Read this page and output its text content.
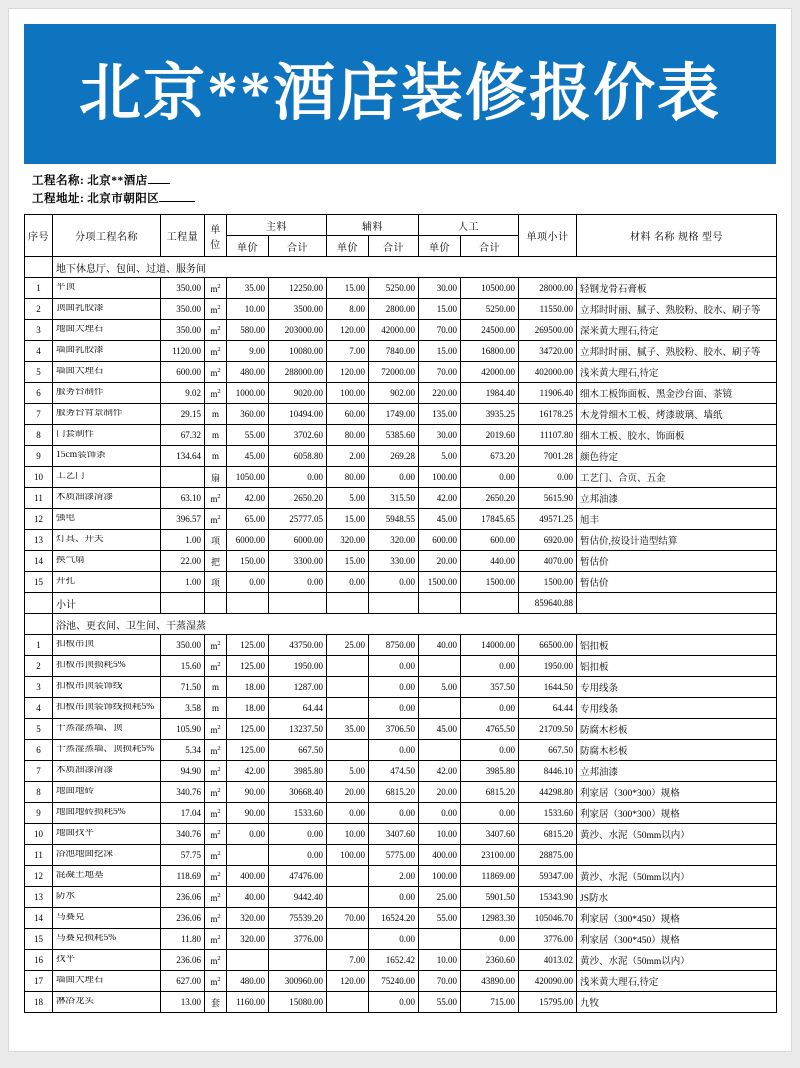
北京**酒店装修报价表
工程名称: 北京**酒店
工程地址: 北京市朝阳区
序号	分项工程名称	工程量	单位	主料		辅料		人工		单项小计	材料 名称 规格 型号
				单价	合计	单价	合计	单价	合计		
	地下休息厅、包间、过道、服务间										
1	平顶	350.00	$m^2$	35.00	12250.00	15.00	5250.00	30.00	10500.00	28000.00	轻钢龙骨石膏板
2	顶面乳胶漆	350.00	$m^2$	10.00	3500.00	8.00	2800.00	15.00	5250.00	11550.00	立邦时时丽、腻子、熟胶粉、胶水、刷子等
3	地面大理石	350.00	$m^2$	580.00	203000.00	120.00	42000.00	70.00	24500.00	269500.00	深米黄大理石,待定
4	墙面乳胶漆	1120.00	$m^2$	9.00	10080.00	7.00	7840.00	15.00	16800.00	34720.00	立邦时时丽、腻子、熟胶粉、胶水、刷子等
5	墙面大理石	600.00	$m^2$	480.00	288000.00	120.00	72000.00	70.00	42000.00	402000.00	浅米黄大理石,待定
6	服务台制作	9.02	$m^2$	1000.00	9020.00	100.00	902.00	220.00	1984.40	11906.40	细木工板饰面板、黑金沙台面、茶镜
7	服务台背景制作	29.15	m	360.00	10494.00	60.00	1749.00	135.00	3935.25	16178.25	木龙骨细木工板、烤漆玻璃、墙纸
8	门套制作	67.32	m	55.00	3702.60	80.00	5385.60	30.00	2019.60	11107.80	细木工板、胶水、饰面板
9	15cm装饰条	134.64	m	45.00	6058.80	2.00	269.28	5.00	673.20	7001.28	颜色待定
10	工艺门		扇	1050.00	0.00	80.00	0.00	100.00	0.00	0.00	工艺门、合页、五金
11	木质油漆清漆	63.10	$m^2$	42.00	2650.20	5.00	315.50	42.00	2650.20	5615.90	立邦油漆
12	强电	396.57	$m^2$	65.00	25777.05	15.00	5948.55	45.00	17845.65	49571.25	旭丰
13	灯具、开关	1.00	项	6000.00	6000.00	320.00	320.00	600.00	600.00	6920.00	暂估价,按设计造型结算
14	换气扇	22.00	把	150.00	3300.00	15.00	330.00	20.00	440.00	4070.00	暂估价
15	开孔	1.00	项	0.00	0.00	0.00	0.00	1500.00	1500.00	1500.00	暂估价
	小计									859640.88	
	浴池、更衣间、卫生间、干蒸湿蒸										
1	扣板吊顶	350.00	$m^2$	125.00	43750.00	25.00	8750.00	40.00	14000.00	66500.00	铝扣板
2	扣板吊顶损耗5%	15.60	$m^2$	125.00	1950.00		0.00		0.00	1950.00	铝扣板
3	扣板吊顶装饰线	71.50	m	18.00	1287.00		0.00	5.00	357.50	1644.50	专用线条
4	扣板吊顶装饰线损耗5%	3.58	m	18.00	64.44		0.00		0.00	64.44	专用线条
5	干蒸湿蒸墙、顶	105.90	$m^2$	125.00	13237.50	35.00	3706.50	45.00	4765.50	21709.50	防腐木杉板
6	干蒸湿蒸墙、顶损耗5%	5.34	$m^2$	125.00	667.50		0.00		0.00	667.50	防腐木杉板
7	木质油漆清漆	94.90	$m^2$	42.00	3985.80	5.00	474.50	42.00	3985.80	8446.10	立邦油漆
8	地面地砖	340.76	$m^2$	90.00	30668.40	20.00	6815.20	20.00	6815.20	44298.80	利家居（300*300）规格
9	地面地砖损耗5%	17.04	$m^2$	90.00	1533.60	0.00	0.00	0.00	0.00	1533.60	利家居（300*300）规格
10	地面找平	340.76	$m^2$	0.00	0.00	10.00	3407.60	10.00	3407.60	6815.20	黄沙、水泥（50mm以内）
11	浴池地面挖深	57.75	$m^2$		0.00	100.00	5775.00	400.00	23100.00	28875.00	
12	混凝土地基	118.69	$m^2$	400.00	47476.00		2.00	100.00	11869.00	59347.00	黄沙、水泥（50mm以内）
13	防水	236.06	$m^2$	40.00	9442.40		0.00	25.00	5901.50	15343.90	JS防水
14	马赛克	236.06	$m^2$	320.00	75539.20	70.00	16524.20	55.00	12983.30	105046.70	利家居（300*450）规格
15	马赛克损耗5%	11.80	$m^2$	320.00	3776.00		0.00		0.00	3776.00	利家居（300*450）规格
16	找平	236.06	$m^2$			7.00	1652.42	10.00	2360.60	4013.02	黄沙、水泥（50mm以内）
17	墙面大理石	627.00	$m^2$	480.00	300960.00	120.00	75240.00	70.00	43890.00	420090.00	浅米黄大理石,待定
18	淋浴龙头	13.00	套	1160.00	15080.00		0.00	55.00	715.00	15795.00	九牧
